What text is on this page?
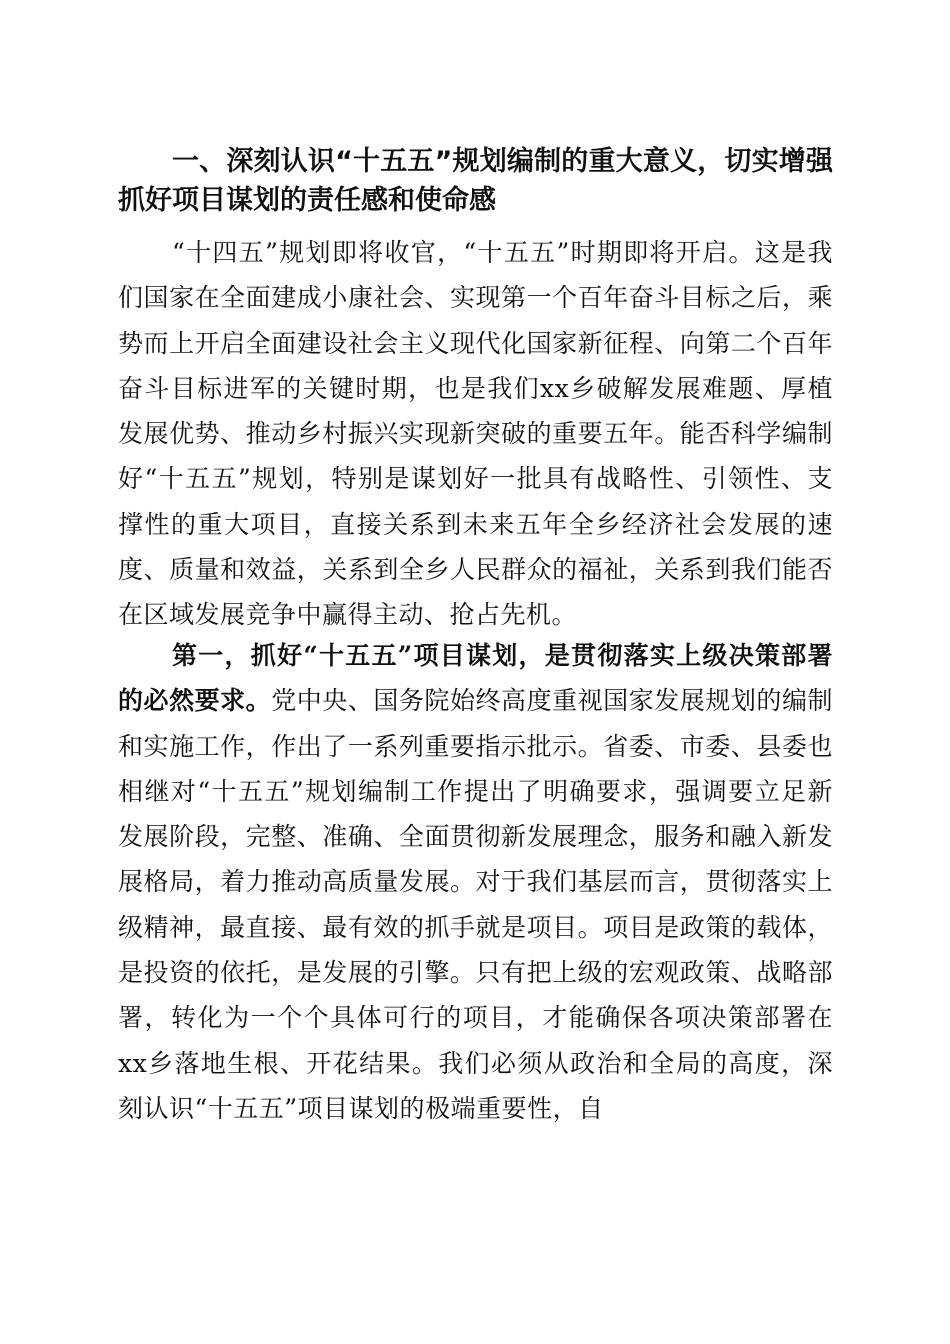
一、深刻认识“十五五”规划编制的重大意义，切实增强抓好项目谋划的责任感和使命感

“十四五”规划即将收官，“十五五”时期即将开启。这是我们国家在全面建成小康社会、实现第一个百年奋斗目标之后，乘势而上开启全面建设社会主义现代化国家新征程、向第二个百年奋斗目标进军的关键时期，也是我们xx乡破解发展难题、厚植发展优势、推动乡村振兴实现新突破的重要五年。能否科学编制好“十五五”规划，特别是谋划好一批具有战略性、引领性、支撑性的重大项目，直接关系到未来五年全乡经济社会发展的速度、质量和效益，关系到全乡人民群众的福祉，关系到我们能否在区域发展竞争中赢得主动、抢占先机。

第一，抓好“十五五”项目谋划，是贯彻落实上级决策部署的必然要求。党中央、国务院始终高度重视国家发展规划的编制和实施工作，作出了一系列重要指示批示。省委、市委、县委也相继对“十五五”规划编制工作提出了明确要求，强调要立足新发展阶段，完整、准确、全面贯彻新发展理念，服务和融入新发展格局，着力推动高质量发展。对于我们基层而言，贯彻落实上级精神，最直接、最有效的抓手就是项目。项目是政策的载体，是投资的依托，是发展的引擎。只有把上级的宏观政策、战略部署，转化为一个个具体可行的项目，才能确保各项决策部署在xx乡落地生根、开花结果。我们必须从政治和全局的高度，深刻认识“十五五”项目谋划的极端重要性，自
